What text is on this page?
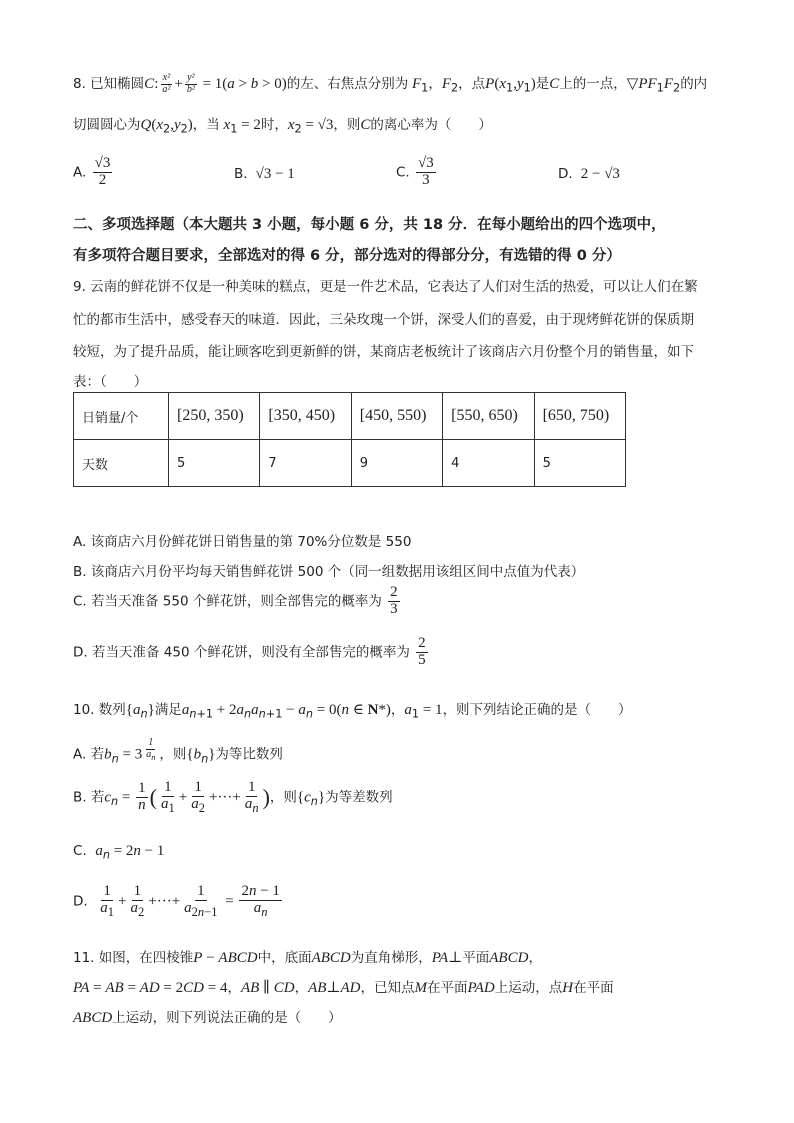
8. 已知椭圆C: $\frac{\text{x²}}{\text{a²}} + \frac{\text{y²}}{\text{b²}} = 1(a > b > 0)$的左、右焦点分别为 $F_1$，$F_2$，点$P(x_1,y_1)$是C上的一点，$▽PF_1F_2$的内
切圆圆心为$Q(x_2,y_2)$，当 $x_1 = 2$时，$x_2 = √3$，则C的离心率为（　　）
A. $\frac{√3}{2}$	B.  √3 − 1	C. $\frac{√3}{3}$	D.  2 − √3
二、多项选择题（本大题共 3 小题，每小题 6 分，共 18 分．在每小题给出的四个选项中，
有多项符合题目要求，全部选对的得 6 分，部分选对的得部分分，有选错的得 0 分）
9. 云南的鲜花饼不仅是一种美味的糕点，更是一件艺术品，它表达了人们对生活的热爱，可以让人们在繁
忙的都市生活中，感受春天的味道．因此，三朵玫瑰一个饼，深受人们的喜爱，由于现烤鲜花饼的保质期
较短，为了提升品质，能让顾客吃到更新鲜的饼，某商店老板统计了该商店六月份整个月的销售量，如下
表：（　　）
日销量/个	[250, 350)	[350, 450)	[450, 550)	[550, 650)	[650, 750)
天数	5	7	9	4	5
A. 该商店六月份鲜花饼日销售量的第 70%分位数是 550
B. 该商店六月份平均每天销售鲜花饼 500 个（同一组数据用该组区间中点值为代表）
C. 若当天准备 550 个鲜花饼，则全部售完的概率为 $\frac{2}{3}$
D. 若当天准备 450 个鲜花饼，则没有全部售完的概率为 $\frac{2}{5}$
10. 数列$\{a_n\}$满足$a_{n+1} + 2a_na_{n+1} - a_n = 0(n$ ∈ N*)，$a_1 = 1$，则下列结论正确的是（　　）
A. 若$b_n = 3$ $^{\frac{1}{a_n}}$ ，则$\{b_n\}$为等比数列
B. 若$c_n = \frac{1}{n}$ ( $\frac{1}{a_1} + \frac{1}{a_2}$ +···+ $\frac{1}{a_n}$ )，则$\{c_n\}$为等差数列
C. $a_n = 2n - 1$
D. $\frac{1}{a_1} + \frac{1}{a_2}$ +···+ $\frac{1}{a_{2n-1}} = \frac{2n - 1}{a_n}$
11. 如图，在四棱锥P − ABCD中，底面ABCD为直角梯形，PA⊥平面ABCD，
PA = AB = AD = 2CD = 4，AB ∥ CD，AB⊥AD，已知点M在平面PAD上运动，点H在平面
ABCD上运动，则下列说法正确的是（　　）
